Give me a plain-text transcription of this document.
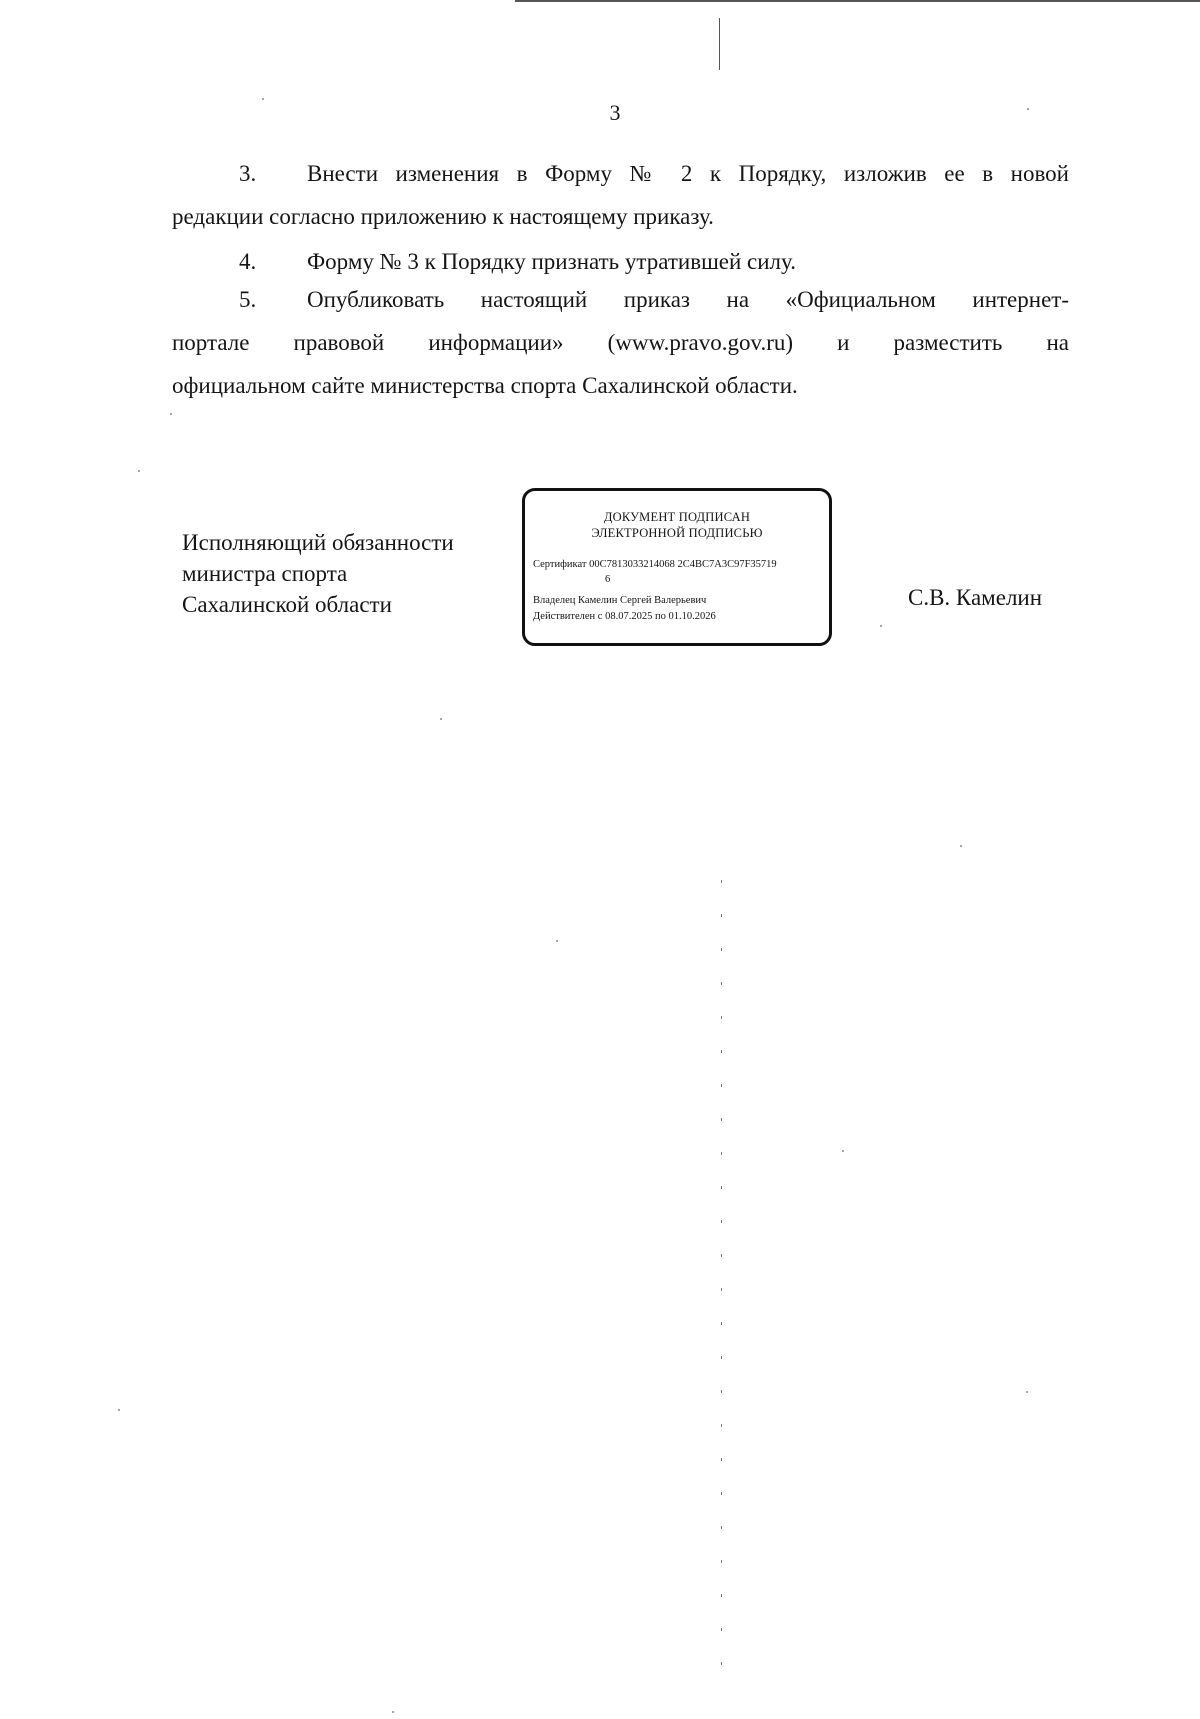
3
3. Внести изменения в Форму № 2 к Порядку, изложив ее в новой
редакции согласно приложению к настоящему приказу.
4. Форму № 3 к Порядку признать утратившей силу.
5. Опубликовать настоящий приказ на «Официальном интернет-
портале правовой информации» (www.pravo.gov.ru) и разместить на
официальном сайте министерства спорта Сахалинской области.
Исполняющий обязанности
министра спорта
Сахалинской области
ДОКУМЕНТ ПОДПИСАН
ЭЛЕКТРОННОЙ ПОДПИСЬЮ
Сертификат 00C7813033214068 2C4BC7A3C97F35719
6
Владелец Камелин Сергей Валерьевич
Действителен с 08.07.2025 по 01.10.2026
С.В. Камелин
